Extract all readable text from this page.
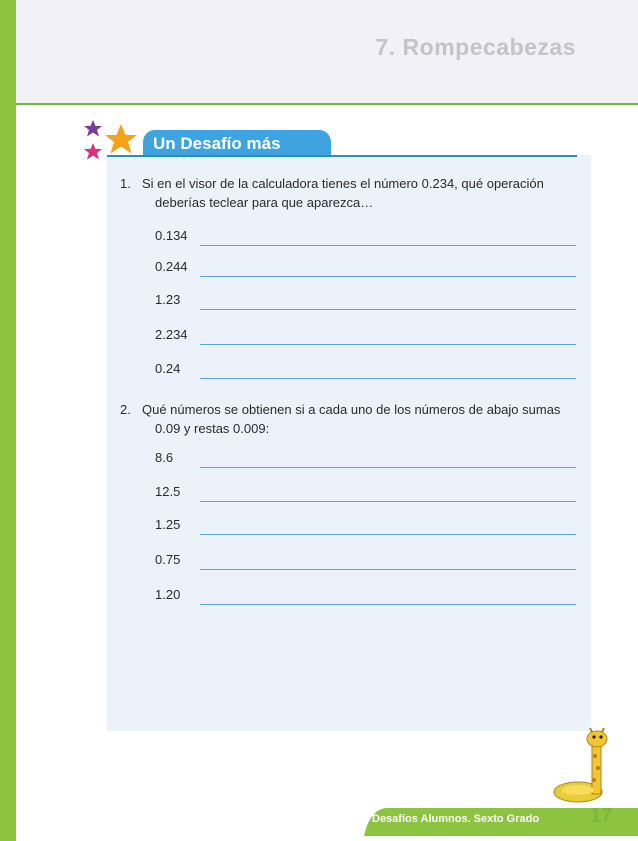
7. Rompecabezas
Un Desafío más
1. Si en el visor de la calculadora tienes el número 0.234, qué operación deberías teclear para que aparezca…
0.134
0.244
1.23
2.234
0.24
2. Qué números se obtienen si a cada uno de los números de abajo sumas 0.09 y restas 0.009:
8.6
12.5
1.25
0.75
1.20
Desafíos Alumnos. Sexto Grado	17
